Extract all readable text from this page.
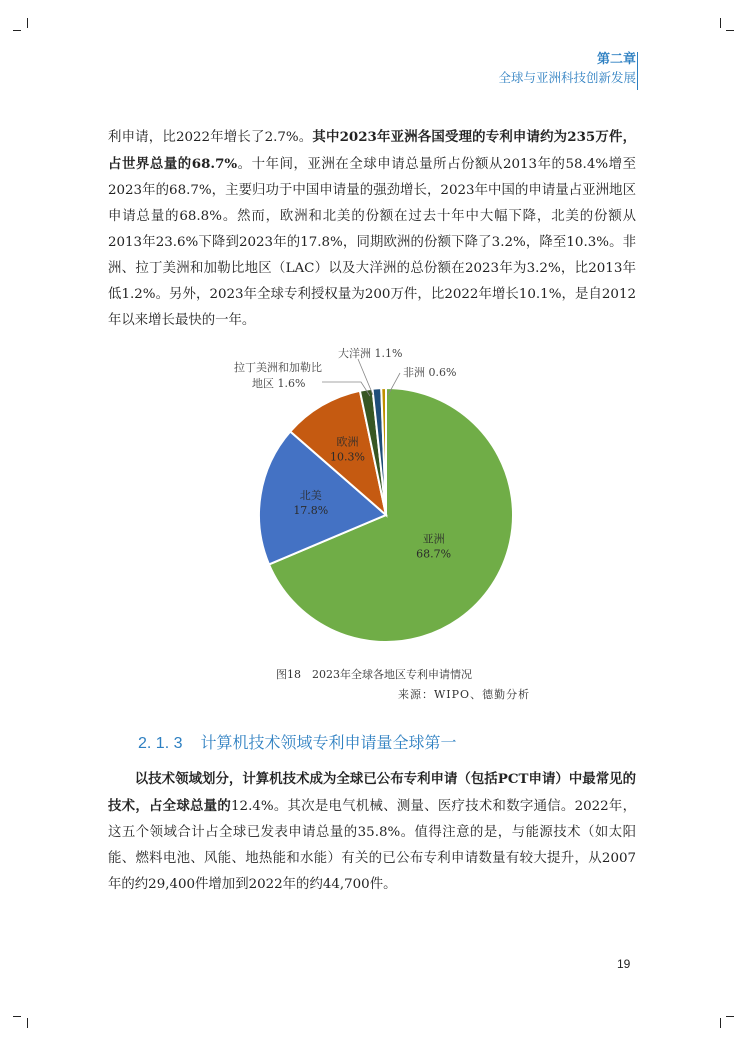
第二章
全球与亚洲科技创新发展

利申请，比2022年增长了2.7%。其中2023年亚洲各国受理的专利申请约为235万件，占世界总量的68.7%。十年间，亚洲在全球申请总量所占份额从2013年的58.4%增至2023年的68.7%，主要归功于中国申请量的强劲增长，2023年中国的申请量占亚洲地区申请总量的68.8%。然而，欧洲和北美的份额在过去十年中大幅下降，北美的份额从2013年23.6%下降到2023年的17.8%，同期欧洲的份额下降了3.2%，降至10.3%。非洲、拉丁美洲和加勒比地区（LAC）以及大洋洲的总份额在2023年为3.2%，比2013年低1.2%。另外，2023年全球专利授权量为200万件，比2022年增长10.1%，是自2012年以来增长最快的一年。

亚洲
68.7%
北美
17.8%
欧洲
10.3%
拉丁美洲和加勒比
地区 1.6%
大洋洲 1.1%
非洲 0.6%
图18　2023年全球各地区专利申请情况
来源：WIPO、德勤分析
2. 1. 3 计算机技术领域专利申请量全球第一

以技术领域划分，计算机技术成为全球已公布专利申请（包括PCT申请）中最常见的技术，占全球总量的12.4%。其次是电气机械、测量、医疗技术和数字通信。2022年，这五个领域合计占全球已发表申请总量的35.8%。值得注意的是，与能源技术（如太阳能、燃料电池、风能、地热能和水能）有关的已公布专利申请数量有较大提升，从2007年的约29,400件增加到2022年的约44,700件。

19
